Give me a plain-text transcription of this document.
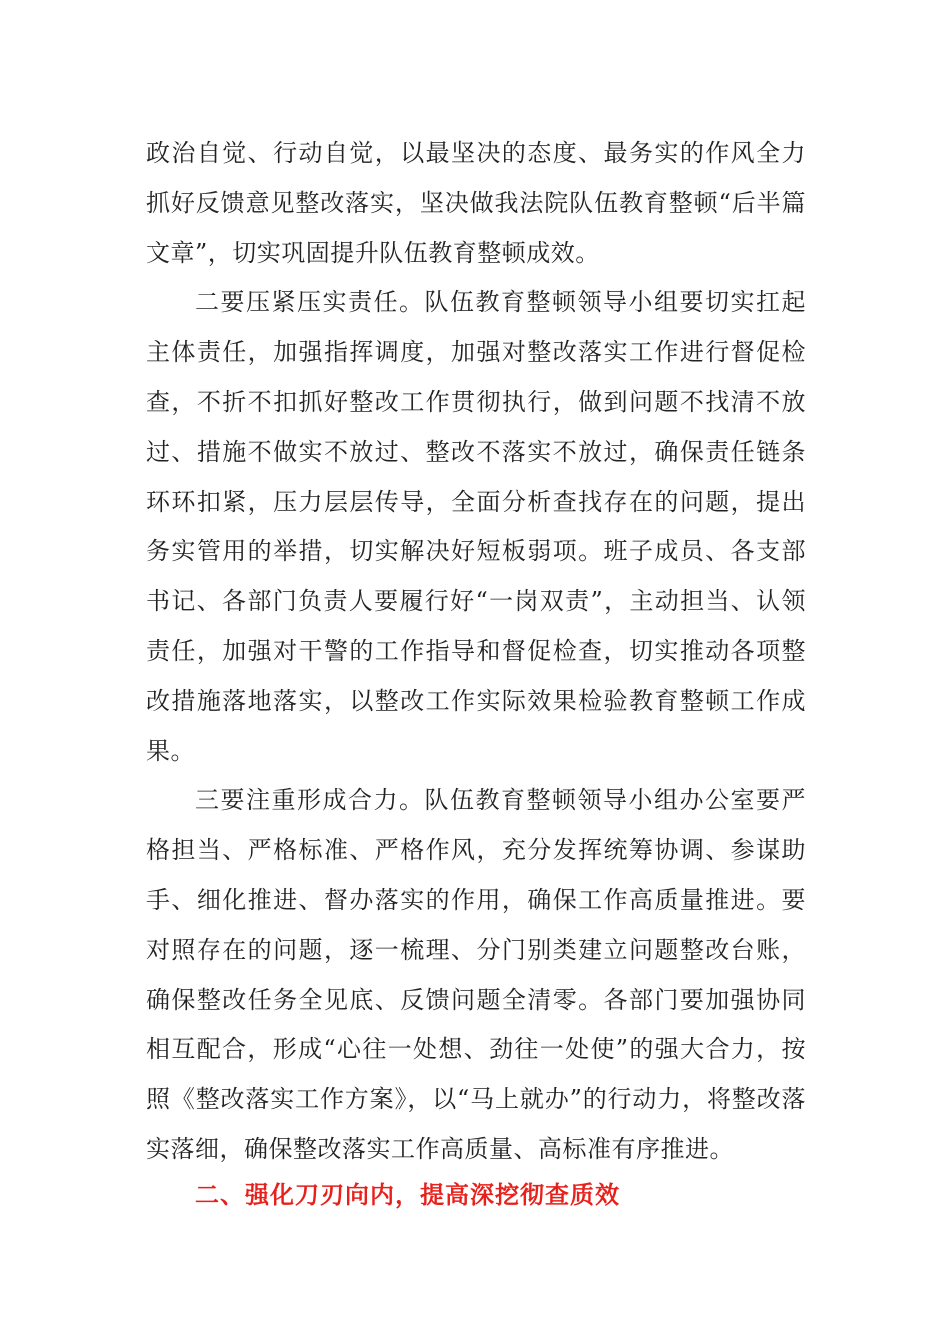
政治自觉、行动自觉，以最坚决的态度、最务实的作风全力抓好反馈意见整改落实，坚决做我法院队伍教育整顿“后半篇文章”，切实巩固提升队伍教育整顿成效。

二要压紧压实责任。队伍教育整顿领导小组要切实扛起主体责任，加强指挥调度，加强对整改落实工作进行督促检查，不折不扣抓好整改工作贯彻执行，做到问题不找清不放过、措施不做实不放过、整改不落实不放过，确保责任链条环环扣紧，压力层层传导，全面分析查找存在的问题，提出务实管用的举措，切实解决好短板弱项。班子成员、各支部书记、各部门负责人要履行好“一岗双责”，主动担当、认领责任，加强对干警的工作指导和督促检查，切实推动各项整改措施落地落实，以整改工作实际效果检验教育整顿工作成果。

三要注重形成合力。队伍教育整顿领导小组办公室要严格担当、严格标准、严格作风，充分发挥统筹协调、参谋助手、细化推进、督办落实的作用，确保工作高质量推进。要对照存在的问题，逐一梳理、分门别类建立问题整改台账，确保整改任务全见底、反馈问题全清零。各部门要加强协同相互配合，形成“心往一处想、劲往一处使”的强大合力，按照《整改落实工作方案》，以“马上就办”的行动力，将整改落实落细，确保整改落实工作高质量、高标准有序推进。

二、强化刀刃向内，提高深挖彻查质效
